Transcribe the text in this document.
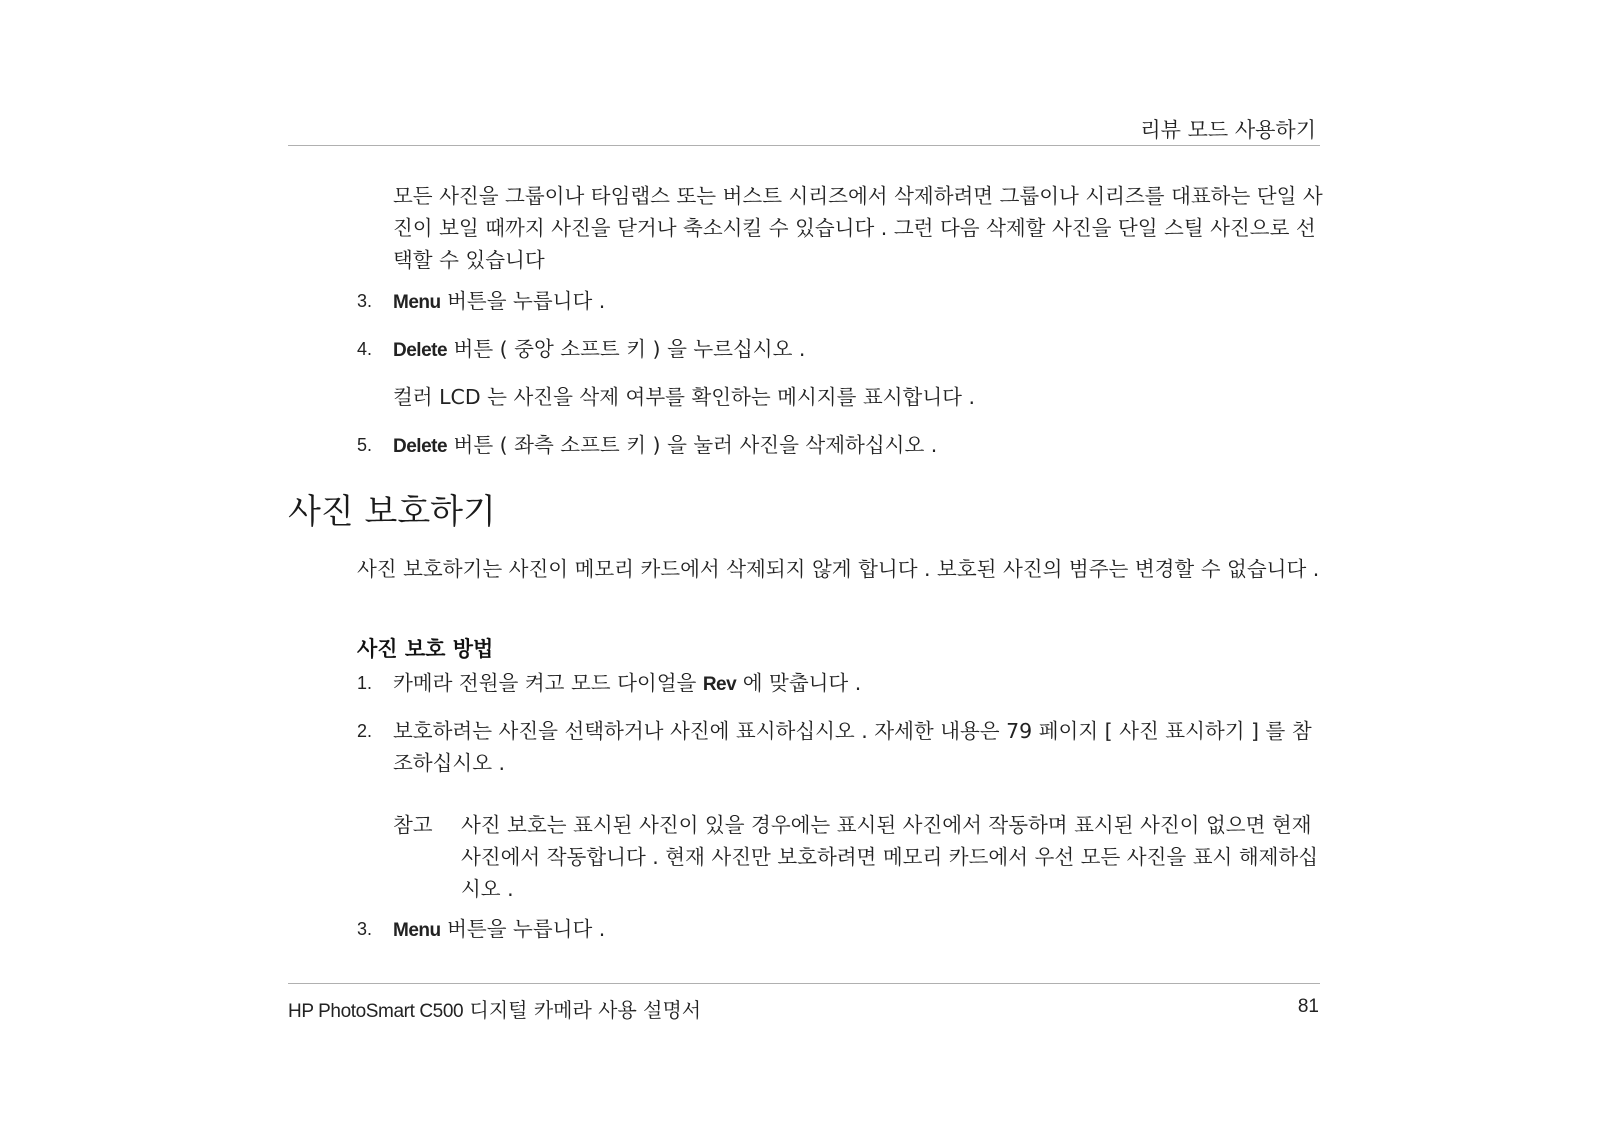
리뷰 모드 사용하기
모든 사진을 그룹이나 타임랩스 또는 버스트 시리즈에서 삭제하려면 그룹이나 시리즈를 대표하는 단일 사진이 보일 때까지 사진을 닫거나 축소시킬 수 있습니다 . 그런 다음 삭제할 사진을 단일 스틸 사진으로 선택할 수 있습니다
3. Menu 버튼을 누릅니다 .
4. Delete 버튼 ( 중앙 소프트 키 ) 을 누르십시오 .
컬러 LCD 는 사진을 삭제 여부를 확인하는 메시지를 표시합니다 .
5. Delete 버튼 ( 좌측 소프트 키 ) 을 눌러 사진을 삭제하십시오 .
사진 보호하기
사진 보호하기는 사진이 메모리 카드에서 삭제되지 않게 합니다 . 보호된 사진의 범주는 변경할 수 없습니다 .
사진 보호 방법
1. 카메라 전원을 켜고 모드 다이얼을 Rev 에 맞춥니다 .
2. 보호하려는 사진을 선택하거나 사진에 표시하십시오 . 자세한 내용은 79 페이지 [ 사진 표시하기 ] 를 참조하십시오 .
참고 사진 보호는 표시된 사진이 있을 경우에는 표시된 사진에서 작동하며 표시된 사진이 없으면 현재 사진에서 작동합니다 . 현재 사진만 보호하려면 메모리 카드에서 우선 모든 사진을 표시 해제하십시오 .
3. Menu 버튼을 누릅니다 .
HP PhotoSmart C500 디지털 카메라 사용 설명서	81
